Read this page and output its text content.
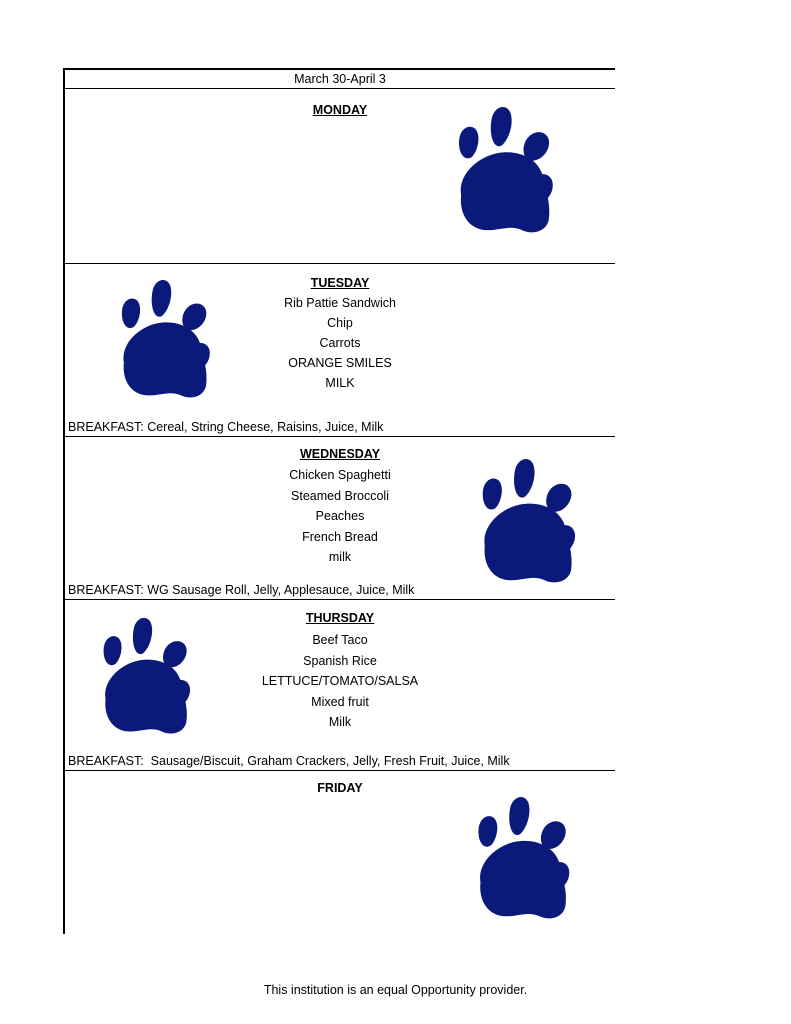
March 30-April 3
MONDAY
TUESDAY
Rib Pattie Sandwich
Chip
Carrots
ORANGE SMILES
MILK
BREAKFAST: Cereal, String Cheese, Raisins, Juice, Milk
WEDNESDAY
Chicken Spaghetti
Steamed Broccoli
Peaches
French Bread
milk
BREAKFAST: WG Sausage Roll, Jelly, Applesauce, Juice, Milk
THURSDAY
Beef Taco
Spanish Rice
LETTUCE/TOMATO/SALSA
Mixed fruit
Milk
BREAKFAST:  Sausage/Biscuit, Graham Crackers, Jelly, Fresh Fruit, Juice, Milk
FRIDAY
This institution is an equal Opportunity provider.
